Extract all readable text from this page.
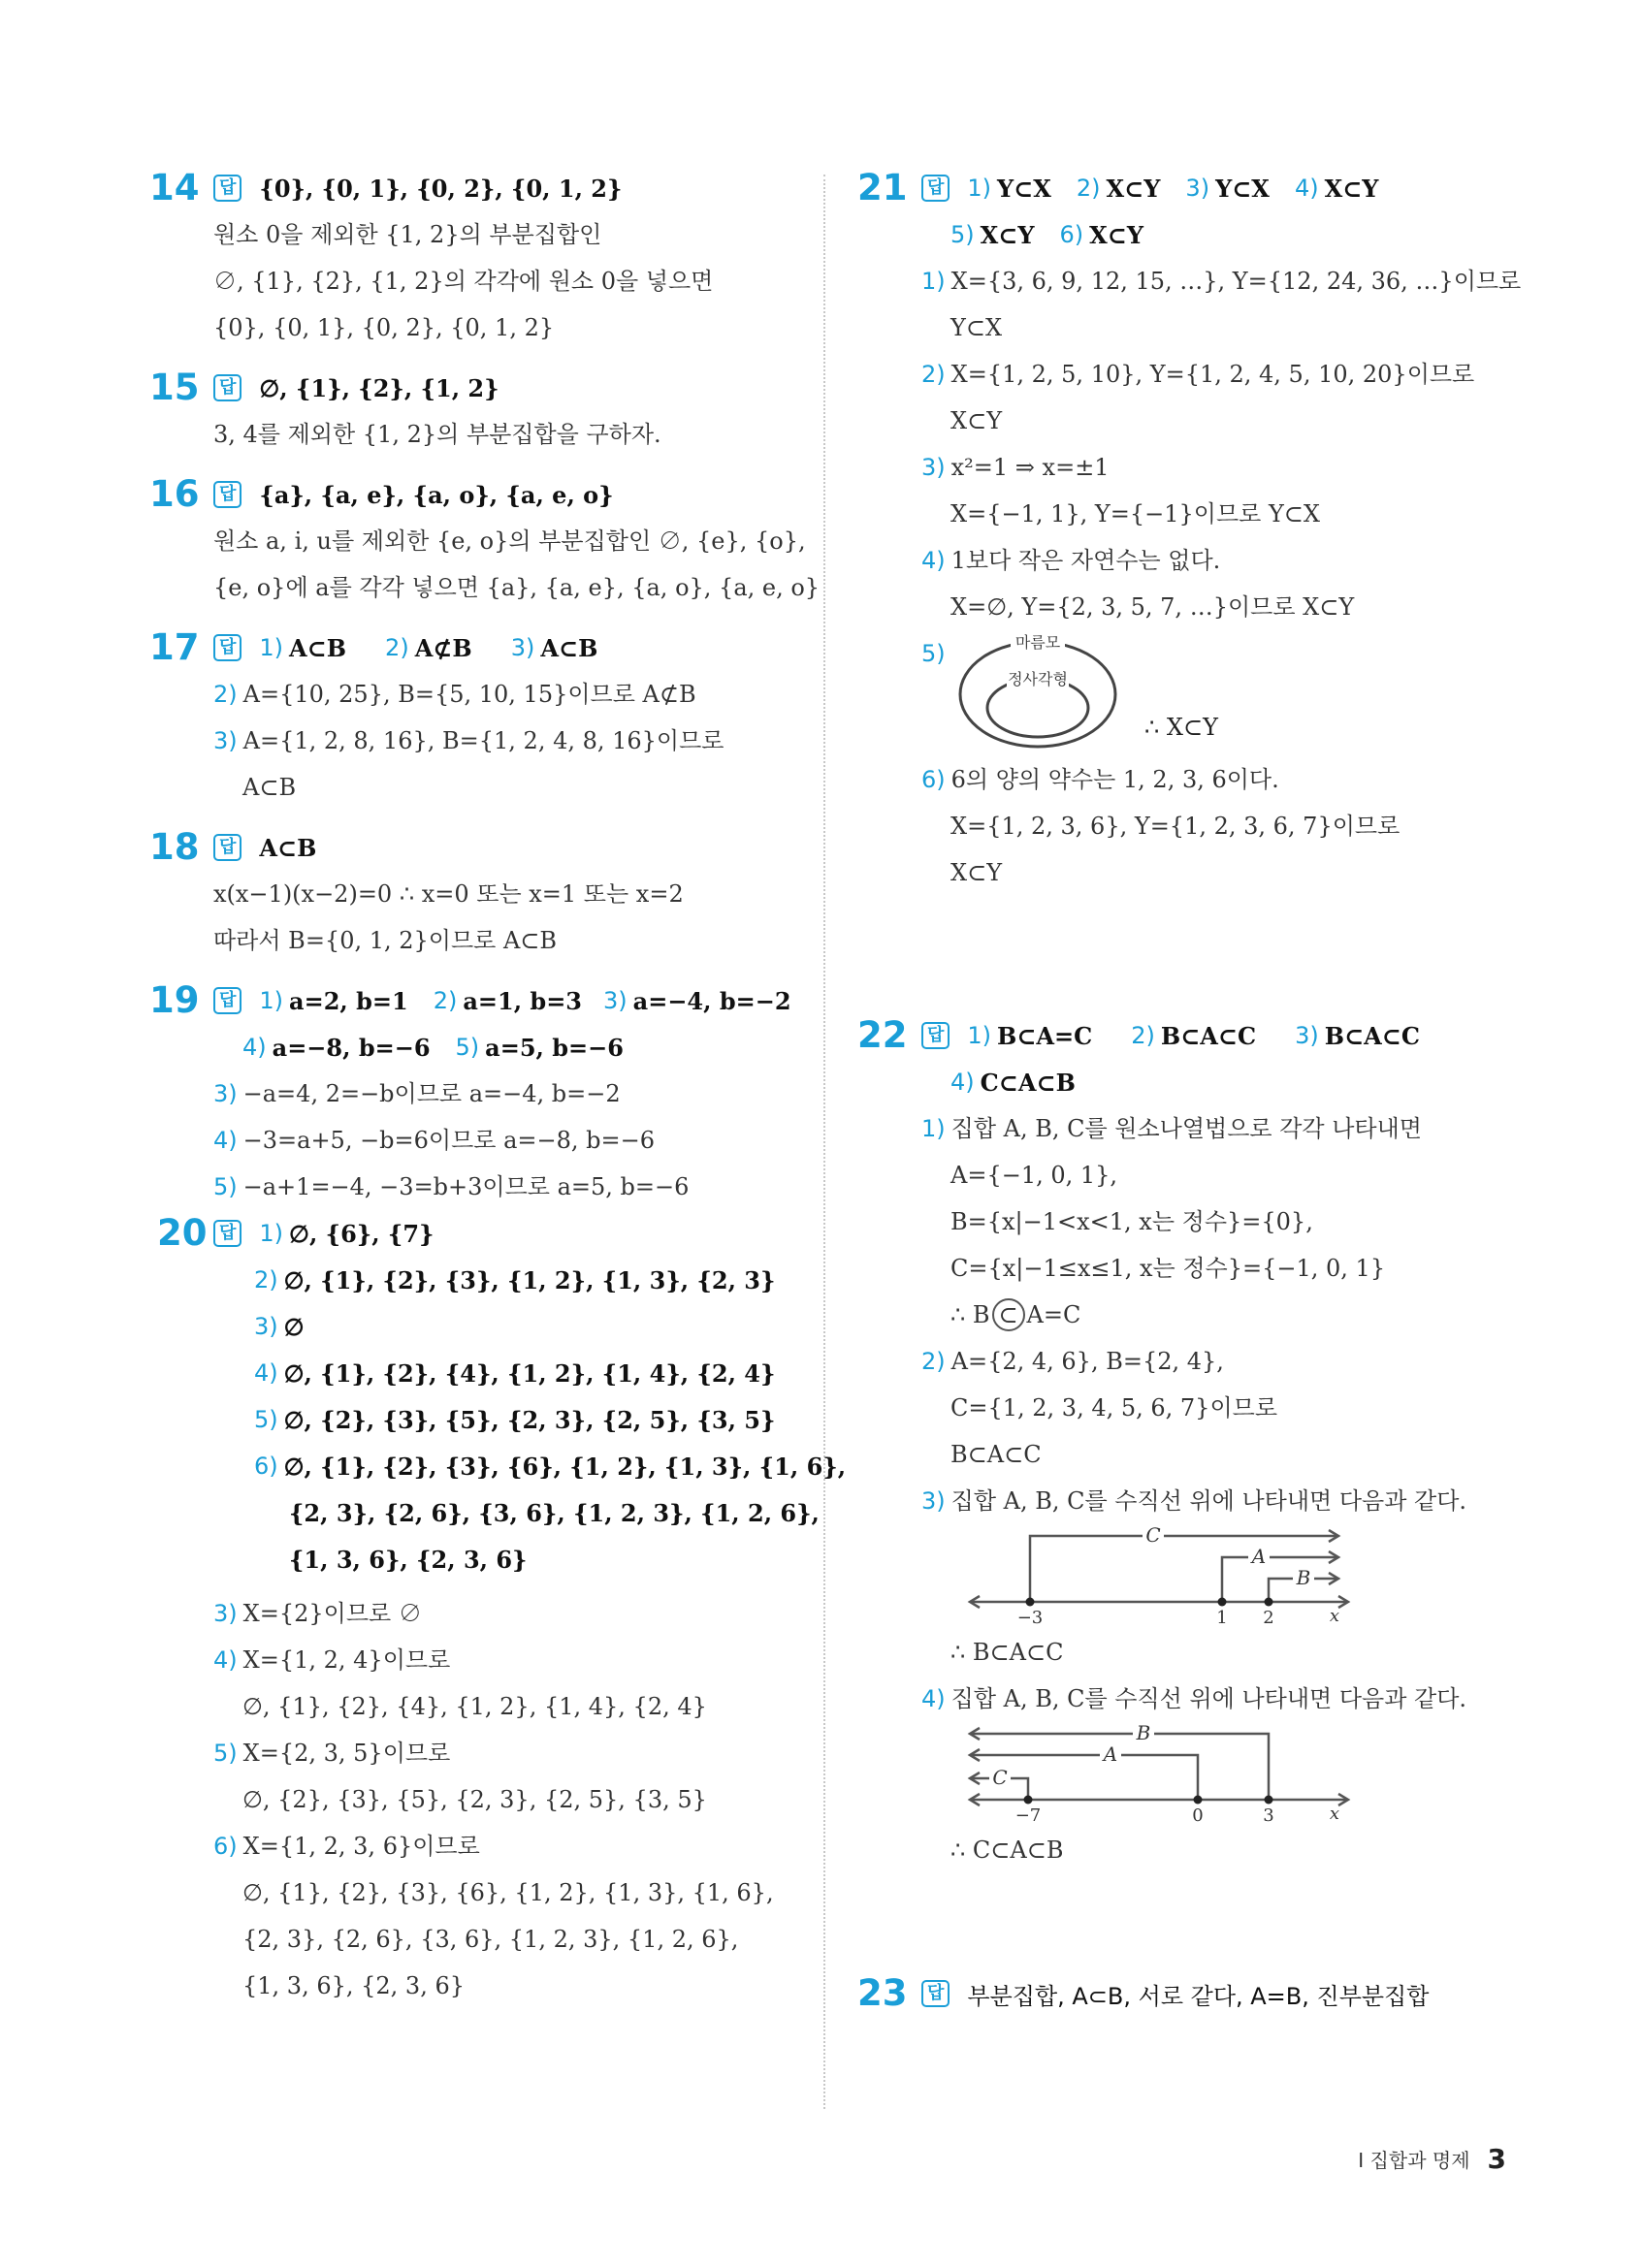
14	답 {0}, {0, 1}, {0, 2}, {0, 1, 2}
원소 0을 제외한 {1, 2}의 부분집합인
∅, {1}, {2}, {1, 2}의 각각에 원소 0을 넣으면
{0}, {0, 1}, {0, 2}, {0, 1, 2}
15	답 ∅, {1}, {2}, {1, 2}
3, 4를 제외한 {1, 2}의 부분집합을 구하자.
16	답 {a}, {a, e}, {a, o}, {a, e, o}
원소 a, i, u를 제외한 {e, o}의 부분집합인 ∅, {e}, {o},
{e, o}에 a를 각각 넣으면 {a}, {a, e}, {a, o}, {a, e, o}
17	답 1) A⊂B 2) A⊄B 3) A⊂B
2) A={10, 25}, B={5, 10, 15}이므로 A⊄B
3) A={1, 2, 8, 16}, B={1, 2, 4, 8, 16}이므로
A⊂B
18	답 A⊂B
x(x−1)(x−2)=0 ∴ x=0 또는 x=1 또는 x=2
따라서 B={0, 1, 2}이므로 A⊂B
19	답 1) a=2, b=1 2) a=1, b=3 3) a=−4, b=−2
4) a=−8, b=−6 5) a=5, b=−6
3) −a=4, 2=−b이므로 a=−4, b=−2
4) −3=a+5, −b=6이므로 a=−8, b=−6
5) −a+1=−4, −3=b+3이므로 a=5, b=−6
20 답 1) ∅, {6}, {7}
2) ∅, {1}, {2}, {3}, {1, 2}, {1, 3}, {2, 3}
3) ∅
4) ∅, {1}, {2}, {4}, {1, 2}, {1, 4}, {2, 4}
5) ∅, {2}, {3}, {5}, {2, 3}, {2, 5}, {3, 5}
6) ∅, {1}, {2}, {3}, {6}, {1, 2}, {1, 3}, {1, 6},
{2, 3}, {2, 6}, {3, 6}, {1, 2, 3}, {1, 2, 6},
{1, 3, 6}, {2, 3, 6}
3) X={2}이므로 ∅
4) X={1, 2, 4}이므로
∅, {1}, {2}, {4}, {1, 2}, {1, 4}, {2, 4}
5) X={2, 3, 5}이므로
∅, {2}, {3}, {5}, {2, 3}, {2, 5}, {3, 5}
6) X={1, 2, 3, 6}이므로
∅, {1}, {2}, {3}, {6}, {1, 2}, {1, 3}, {1, 6},
{2, 3}, {2, 6}, {3, 6}, {1, 2, 3}, {1, 2, 6},
{1, 3, 6}, {2, 3, 6}
21	답 1) Y⊂X 2) X⊂Y 3) Y⊂X 4) X⊂Y
5) X⊂Y 6) X⊂Y
1) X={3, 6, 9, 12, 15, …}, Y={12, 24, 36, …}이므로
Y⊂X
2) X={1, 2, 5, 10}, Y={1, 2, 4, 5, 10, 20}이므로
X⊂Y
3) x²=1 ⇒ x=±1
X={−1, 1}, Y={−1}이므로 Y⊂X
4) 1보다 작은 자연수는 없다.
X=∅, Y={2, 3, 5, 7, …}이므로 X⊂Y
5)	마름모
정사각형
∴ X⊂Y
6) 6의 양의 약수는 1, 2, 3, 6이다.
X={1, 2, 3, 6}, Y={1, 2, 3, 6, 7}이므로
X⊂Y
22	답 1) B⊂A=C 2) B⊂A⊂C 3) B⊂A⊂C
4) C⊂A⊂B
1) 집합 A, B, C를 원소나열법으로 각각 나타내면
A={−1, 0, 1},
B={x|−1<x<1, x는 정수}={0},
C={x|−1≤x≤1, x는 정수}={−1, 0, 1}
∴ B ⊂ A=C
2) A={2, 4, 6}, B={2, 4},
C={1, 2, 3, 4, 5, 6, 7}이므로
B⊂A⊂C
3) 집합 A, B, C를 수직선 위에 나타내면 다음과 같다.
C
A
B
−3	1 2	x
∴ B⊂A⊂C
4) 집합 A, B, C를 수직선 위에 나타내면 다음과 같다.
B
A
C
−7	0	3	x
∴ C⊂A⊂B
23	답 부분집합, A⊂B, 서로 같다, A=B, 진부분집합
Ⅰ 집합과 명제 3
